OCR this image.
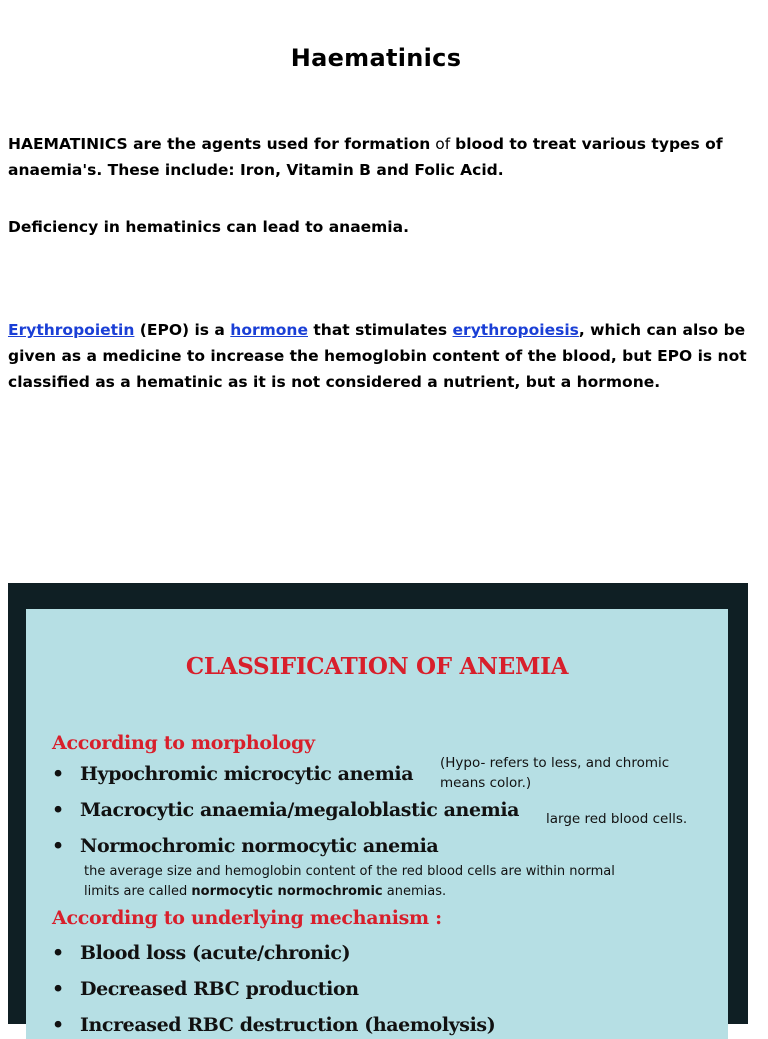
Haematinics
HAEMATINICS are the agents used for formation of blood to treat various types of
anaemia's. These include: Iron, Vitamin B and Folic Acid.
Deficiency in hematinics can lead to anaemia.
Erythropoietin (EPO) is a hormone that stimulates erythropoiesis, which can also be given as a medicine to increase the hemoglobin content of the blood, but EPO is not classified as a hematinic as it is not considered a nutrient, but a hormone.
CLASSIFICATION OF ANEMIA
According to morphology
• Hypochromic microcytic anemia (Hypo- refers to less, and chromic
means color.)
• Macrocytic anaemia/megaloblastic anemia large red blood cells.
• Normochromic normocytic anemia
the average size and hemoglobin content of the red blood cells are within normal
limits are called normocytic normochromic anemias.
According to underlying mechanism :
• Blood loss (acute/chronic)
• Decreased RBC production
• Increased RBC destruction (haemolysis)
